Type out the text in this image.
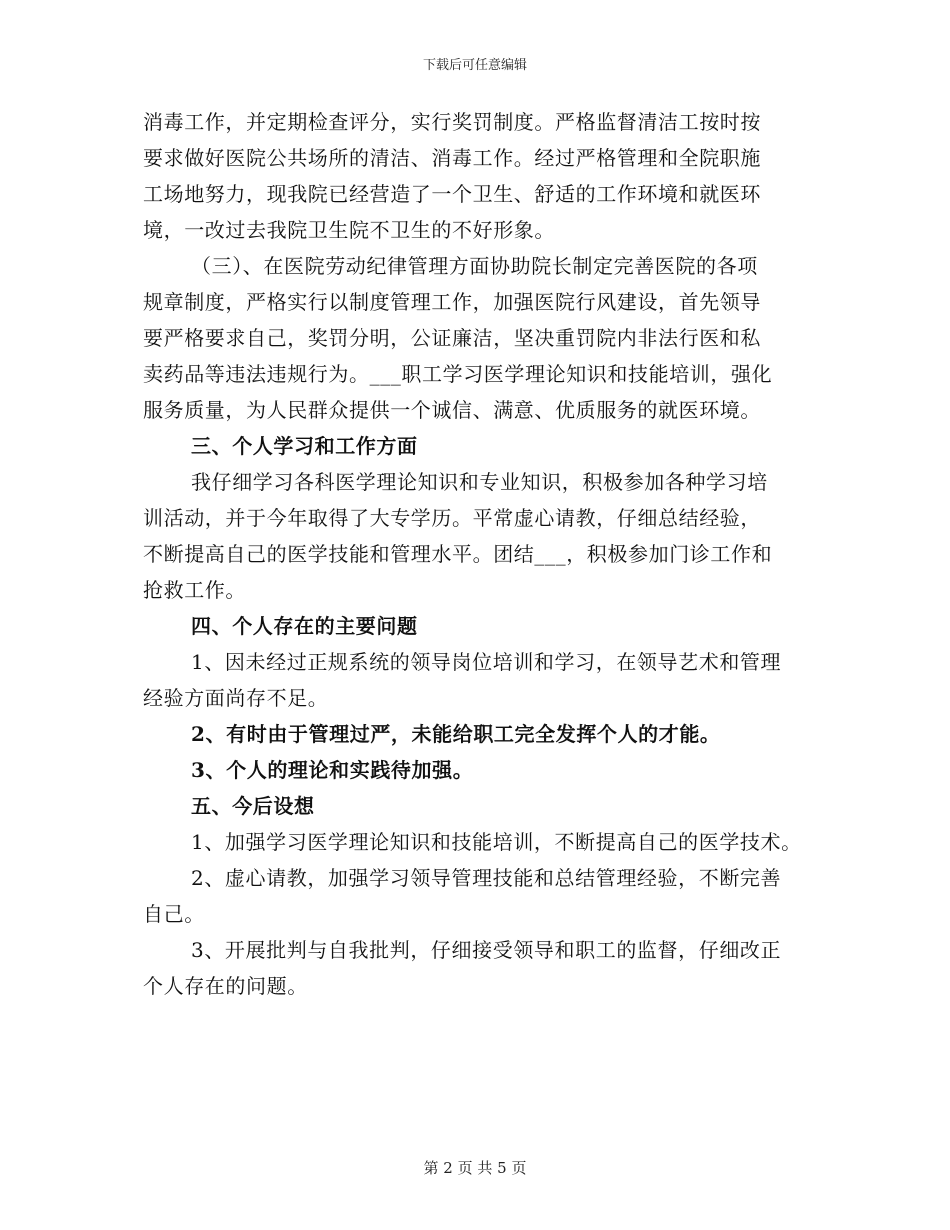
下载后可任意编辑
消毒工作，并定期检查评分，实行奖罚制度。严格监督清洁工按时按
要求做好医院公共场所的清洁、消毒工作。经过严格管理和全院职施
工场地努力，现我院已经营造了一个卫生、舒适的工作环境和就医环
境，一改过去我院卫生院不卫生的不好形象。
（三）、在医院劳动纪律管理方面协助院长制定完善医院的各项
规章制度，严格实行以制度管理工作，加强医院行风建设，首先领导
要严格要求自己，奖罚分明，公证廉洁，坚决重罚院内非法行医和私
卖药品等违法违规行为。___职工学习医学理论知识和技能培训，强化
服务质量，为人民群众提供一个诚信、满意、优质服务的就医环境。
三、个人学习和工作方面
我仔细学习各科医学理论知识和专业知识，积极参加各种学习培
训活动，并于今年取得了大专学历。平常虚心请教，仔细总结经验，
不断提高自己的医学技能和管理水平。团结___，积极参加门诊工作和
抢救工作。
四、个人存在的主要问题
1、因未经过正规系统的领导岗位培训和学习，在领导艺术和管理
经验方面尚存不足。
2、有时由于管理过严，未能给职工完全发挥个人的才能。
3、个人的理论和实践待加强。
五、今后设想
1、加强学习医学理论知识和技能培训，不断提高自己的医学技术。
2、虚心请教，加强学习领导管理技能和总结管理经验，不断完善
自己。
3、开展批判与自我批判，仔细接受领导和职工的监督，仔细改正
个人存在的问题。
第 2 页 共 5 页
